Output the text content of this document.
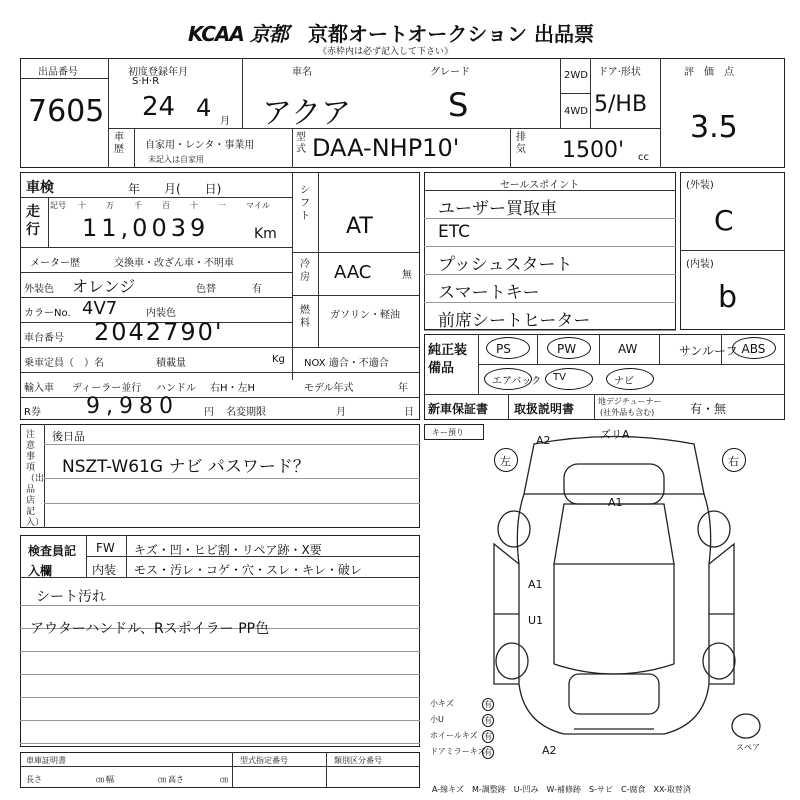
KCAA 京都 京都オートオークション 出品票
《赤枠内は必ず記入して下さい》
出品番号
7605
初度登録年月
S·H·R
24 4 月
車名
アクア
グレード
S
2WD
4WD
ドア·形状
5/HB
評　価　点
3.5
車歴 自家用・レンタ・事業用
未記入は自家用
型式 DAA-NHP10'	排気 1500' cc
車検	年　　月(　　日)
走行
記号 十	万	千	百	十	一	マイル
11,0039	Km
メーター歴	交換車・改ざん車・不明車
外装色 オレンジ	色替	有
カラーNo. 4V7	内装色
車台番号 2042790'
乗車定員（　）名	積載量	Kg NOX 適合・不適合
輸入車 ディーラー並行 ハンドル 右H・左H	モデル年式	年
R券 9,980	円 名変期限	月	日
シフト AT
冷房 AAC	無
燃料
ガソリン・軽油
セールスポイント
ユーザー買取車
ETC
プッシュスタート
スマートキー
前席シートヒーター
(外装)
C
(内装)
b
純正装備品
PS	PW	AW	サンルーフ ABS
エアバック TV	ナビ
新車保証書 取扱説明書
地デジチューナー
(社外品も含む)	有・無
注意事項（出品店記入）
後日品
NSZT-W61G ナビ パスワード？
検査員記入欄
FW キズ・凹・ヒビ割・リペア跡・X要
内装 モス・汚レ・コゲ・穴・スレ・キレ・破レ
シート汚れ
アウターハンドル、Rスポイラー PP色
キー預り
左	右
A2	ズリA
A1
A1
U1
A2	スペア
小キズ	有
小U	有
ホイールキズ 有
ドアミラーキズ
有
車庫証明書	型式指定番号	類別区分番号
長さ	㎝ 幅	㎝ 高さ	㎝
A-線キズ　M-調整跡　U-凹み　W-補修跡　S-サビ　C-腐食　XX-取替済
